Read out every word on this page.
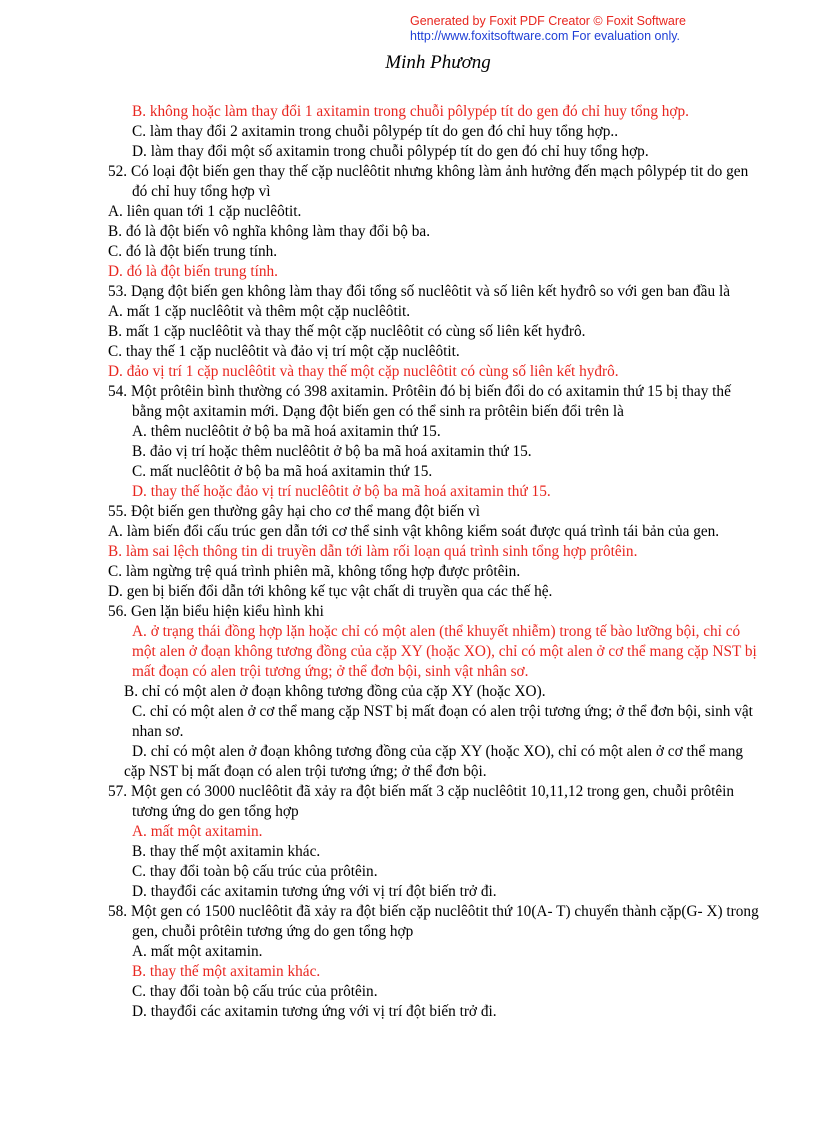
Generated by Foxit PDF Creator © Foxit Software
http://www.foxitsoftware.com For evaluation only.
Minh Phương
B. không hoặc làm thay đổi 1 axitamin trong chuỗi pôlypép tít do gen đó chỉ huy tổng hợp.
C. làm thay đổi 2 axitamin trong chuỗi pôlypép tít do gen đó chỉ huy tổng hợp..
D. làm thay đổi một số axitamin trong chuỗi pôlypép tít do gen đó chỉ huy tổng hợp.
52. Có loại đột biến gen thay thế cặp nuclêôtit nhưng không làm ảnh hưởng đến mạch pôlypép tit do gen
đó chỉ huy tổng hợp vì
A. liên quan tới 1 cặp nuclêôtit.
B. đó là đột biến vô nghĩa không làm thay đổi bộ ba.
C. đó là đột biến trung tính.
D. đó là đột biến trung tính.
53. Dạng đột biến gen không làm thay đổi tổng số nuclêôtit và số liên kết hyđrô so với gen ban đầu là
A. mất 1 cặp nuclêôtit và thêm một cặp nuclêôtit.
B. mất 1 cặp nuclêôtit và thay thế một cặp nuclêôtit có cùng số liên kết hyđrô.
C. thay thế 1 cặp nuclêôtit và đảo vị trí một cặp nuclêôtit.
D. đảo vị trí 1 cặp nuclêôtit và thay thế một cặp nuclêôtit có cùng số liên kết hyđrô.
54. Một prôtêin bình thường có 398 axitamin. Prôtêin đó bị biến đổi do có axitamin thứ 15 bị thay thế
bằng một axitamin mới. Dạng đột biến gen có thể sinh ra prôtêin biến đổi trên là
A. thêm nuclêôtit ở bộ ba mã hoá axitamin thứ 15.
B. đảo vị trí hoặc thêm nuclêôtit ở bộ ba mã hoá axitamin thứ 15.
C. mất nuclêôtit ở bộ ba mã hoá axitamin thứ 15.
D. thay thế hoặc đảo vị trí nuclêôtit ở bộ ba mã hoá axitamin thứ 15.
55. Đột biến gen thường gây hại cho cơ thể mang đột biến vì
A. làm biến đổi cấu trúc gen dẫn tới cơ thể sinh vật không kiểm soát được quá trình tái bản của gen.
B. làm sai lệch thông tin di truyền dẫn tới làm rối loạn quá trình sinh tổng hợp prôtêin.
C. làm ngừng trệ quá trình phiên mã, không tổng hợp được prôtêin.
D. gen bị biến đổi dẫn tới không kế tục vật chất di truyền qua các thế hệ.
56. Gen lặn biểu hiện kiểu hình khi
A. ở trạng thái đồng hợp lặn hoặc chỉ có một alen (thể khuyết nhiễm) trong tế bào lưỡng bội, chỉ có
một alen ở đoạn không tương đồng của cặp XY (hoặc XO), chỉ có một alen ở cơ thể mang cặp NST bị
mất đoạn có alen trội tương ứng; ở thể đơn bội, sinh vật nhân sơ.
B. chỉ có một alen ở đoạn không tương đồng của cặp XY (hoặc XO).
C. chỉ có một alen ở cơ thể mang cặp NST bị mất đoạn có alen trội tương ứng; ở thể đơn bội, sinh vật
nhan sơ.
D. chỉ có một alen ở đoạn không tương đồng của cặp XY (hoặc XO), chỉ có một alen ở cơ thể mang
cặp NST bị mất đoạn có alen trội tương ứng; ở thể đơn bội.
57. Một gen có 3000 nuclêôtit đã xảy ra đột biến mất 3 cặp nuclêôtit 10,11,12 trong gen, chuỗi prôtêin
tương ứng do gen tổng hợp
A. mất một axitamin.
B. thay thế một axitamin khác.
C. thay đổi toàn bộ cấu trúc của prôtêin.
D. thayđổi các axitamin tương ứng với vị trí đột biến trở đi.
58. Một gen có 1500 nuclêôtit đã xảy ra đột biến cặp nuclêôtit thứ 10(A- T) chuyển thành cặp(G- X) trong
gen, chuỗi prôtêin tương ứng do gen tổng hợp
A. mất một axitamin.
B. thay thế một axitamin khác.
C. thay đổi toàn bộ cấu trúc của prôtêin.
D. thayđổi các axitamin tương ứng với vị trí đột biến trở đi.
